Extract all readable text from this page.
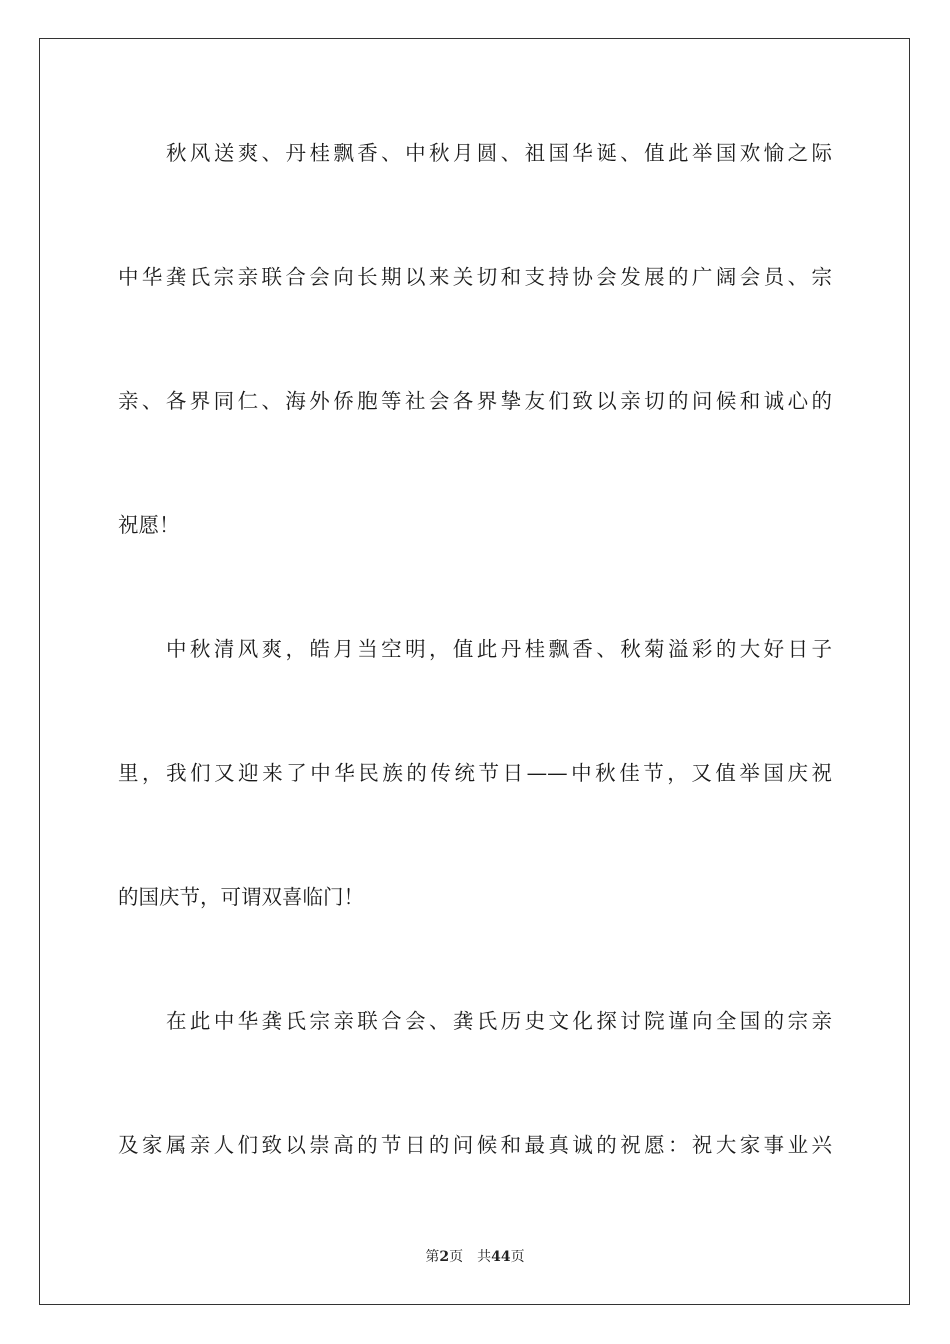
秋风送爽、丹桂飘香、中秋月圆、祖国华诞、值此举国欢愉之际
中华龚氏宗亲联合会向长期以来关切和支持协会发展的广阔会员、宗
亲、各界同仁、海外侨胞等社会各界挚友们致以亲切的问候和诚心的
祝愿！
中秋清风爽，皓月当空明，值此丹桂飘香、秋菊溢彩的大好日子
里，我们又迎来了中华民族的传统节日——中秋佳节，又值举国庆祝
的国庆节，可谓双喜临门！
在此中华龚氏宗亲联合会、龚氏历史文化探讨院谨向全国的宗亲
及家属亲人们致以崇高的节日的问候和最真诚的祝愿：祝大家事业兴
第2页 共44页
